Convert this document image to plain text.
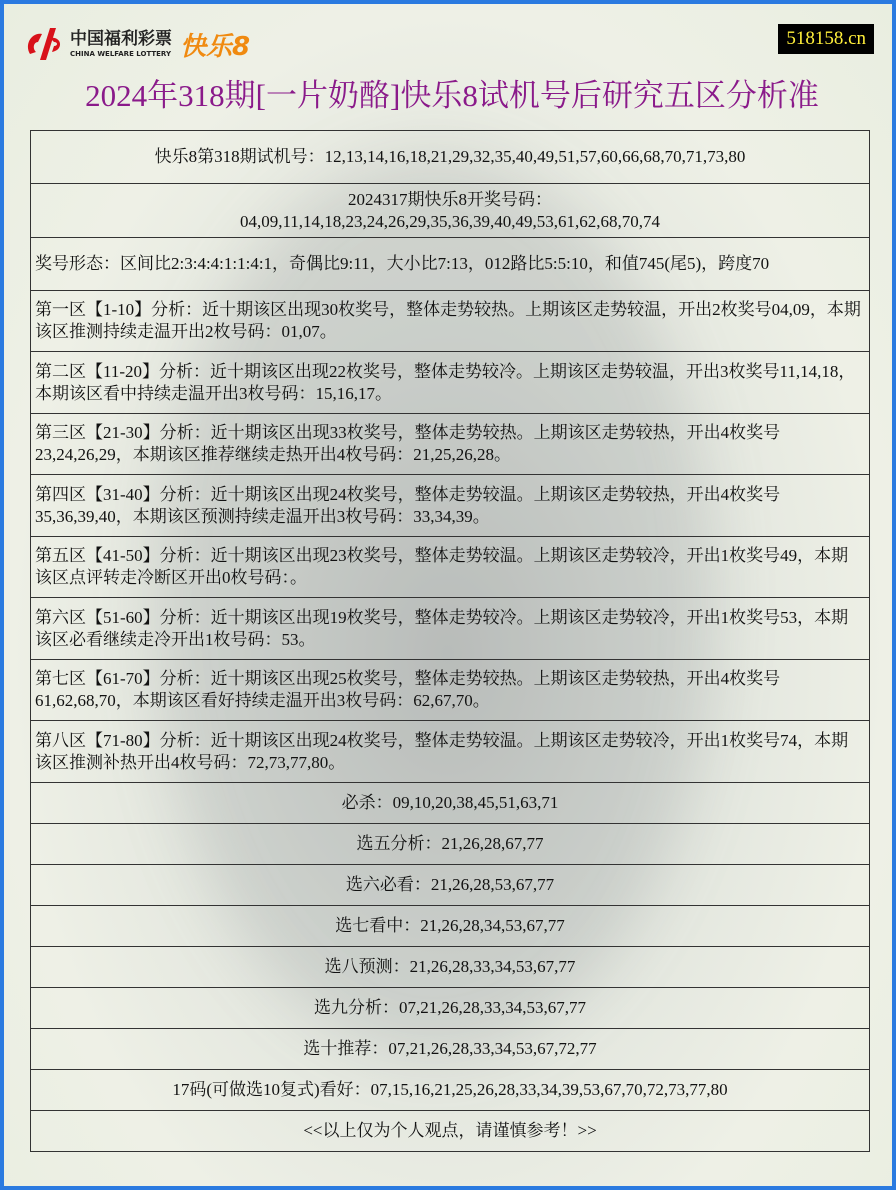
中国福利彩票
CHINA WELFARE LOTTERY 快乐8	518158.cn
2024年318期[一片奶酪]快乐8试机号后研究五区分析准
快乐8第318期试机号：12,13,14,16,18,21,29,32,35,40,49,51,57,60,66,68,70,71,73,80

2024317期快乐8开奖号码：
04,09,11,14,18,23,24,26,29,35,36,39,40,49,53,61,62,68,70,74

奖号形态：区间比2:3:4:4:1:1:4:1，奇偶比9:11，大小比7:13，012路比5:5:10，和值745(尾5)，跨度70
第一区【1-10】分析：近十期该区出现30枚奖号，整体走势较热。上期该区走势较温，开出2枚奖号04,09，本期该区推测持续走温开出2枚号码：01,07。
第二区【11-20】分析：近十期该区出现22枚奖号，整体走势较冷。上期该区走势较温，开出3枚奖号11,14,18，本期该区看中持续走温开出3枚号码：15,16,17。
第三区【21-30】分析：近十期该区出现33枚奖号，整体走势较热。上期该区走势较热，开出4枚奖号23,24,26,29，本期该区推荐继续走热开出4枚号码：21,25,26,28。
第四区【31-40】分析：近十期该区出现24枚奖号，整体走势较温。上期该区走势较热，开出4枚奖号35,36,39,40，本期该区预测持续走温开出3枚号码：33,34,39。
第五区【41-50】分析：近十期该区出现23枚奖号，整体走势较温。上期该区走势较冷，开出1枚奖号49，本期该区点评转走冷断区开出0枚号码：。
第六区【51-60】分析：近十期该区出现19枚奖号，整体走势较冷。上期该区走势较冷，开出1枚奖号53，本期该区必看继续走冷开出1枚号码：53。
第七区【61-70】分析：近十期该区出现25枚奖号，整体走势较热。上期该区走势较热，开出4枚奖号61,62,68,70，本期该区看好持续走温开出3枚号码：62,67,70。
第八区【71-80】分析：近十期该区出现24枚奖号，整体走势较温。上期该区走势较冷，开出1枚奖号74，本期该区推测补热开出4枚号码：72,73,77,80。
必杀：09,10,20,38,45,51,63,71
选五分析：21,26,28,67,77
选六必看：21,26,28,53,67,77
选七看中：21,26,28,34,53,67,77
选八预测：21,26,28,33,34,53,67,77
选九分析：07,21,26,28,33,34,53,67,77
选十推荐：07,21,26,28,33,34,53,67,72,77
17码(可做选10复式)看好：07,15,16,21,25,26,28,33,34,39,53,67,70,72,73,77,80
<<以上仅为个人观点，请谨慎参考！>>
